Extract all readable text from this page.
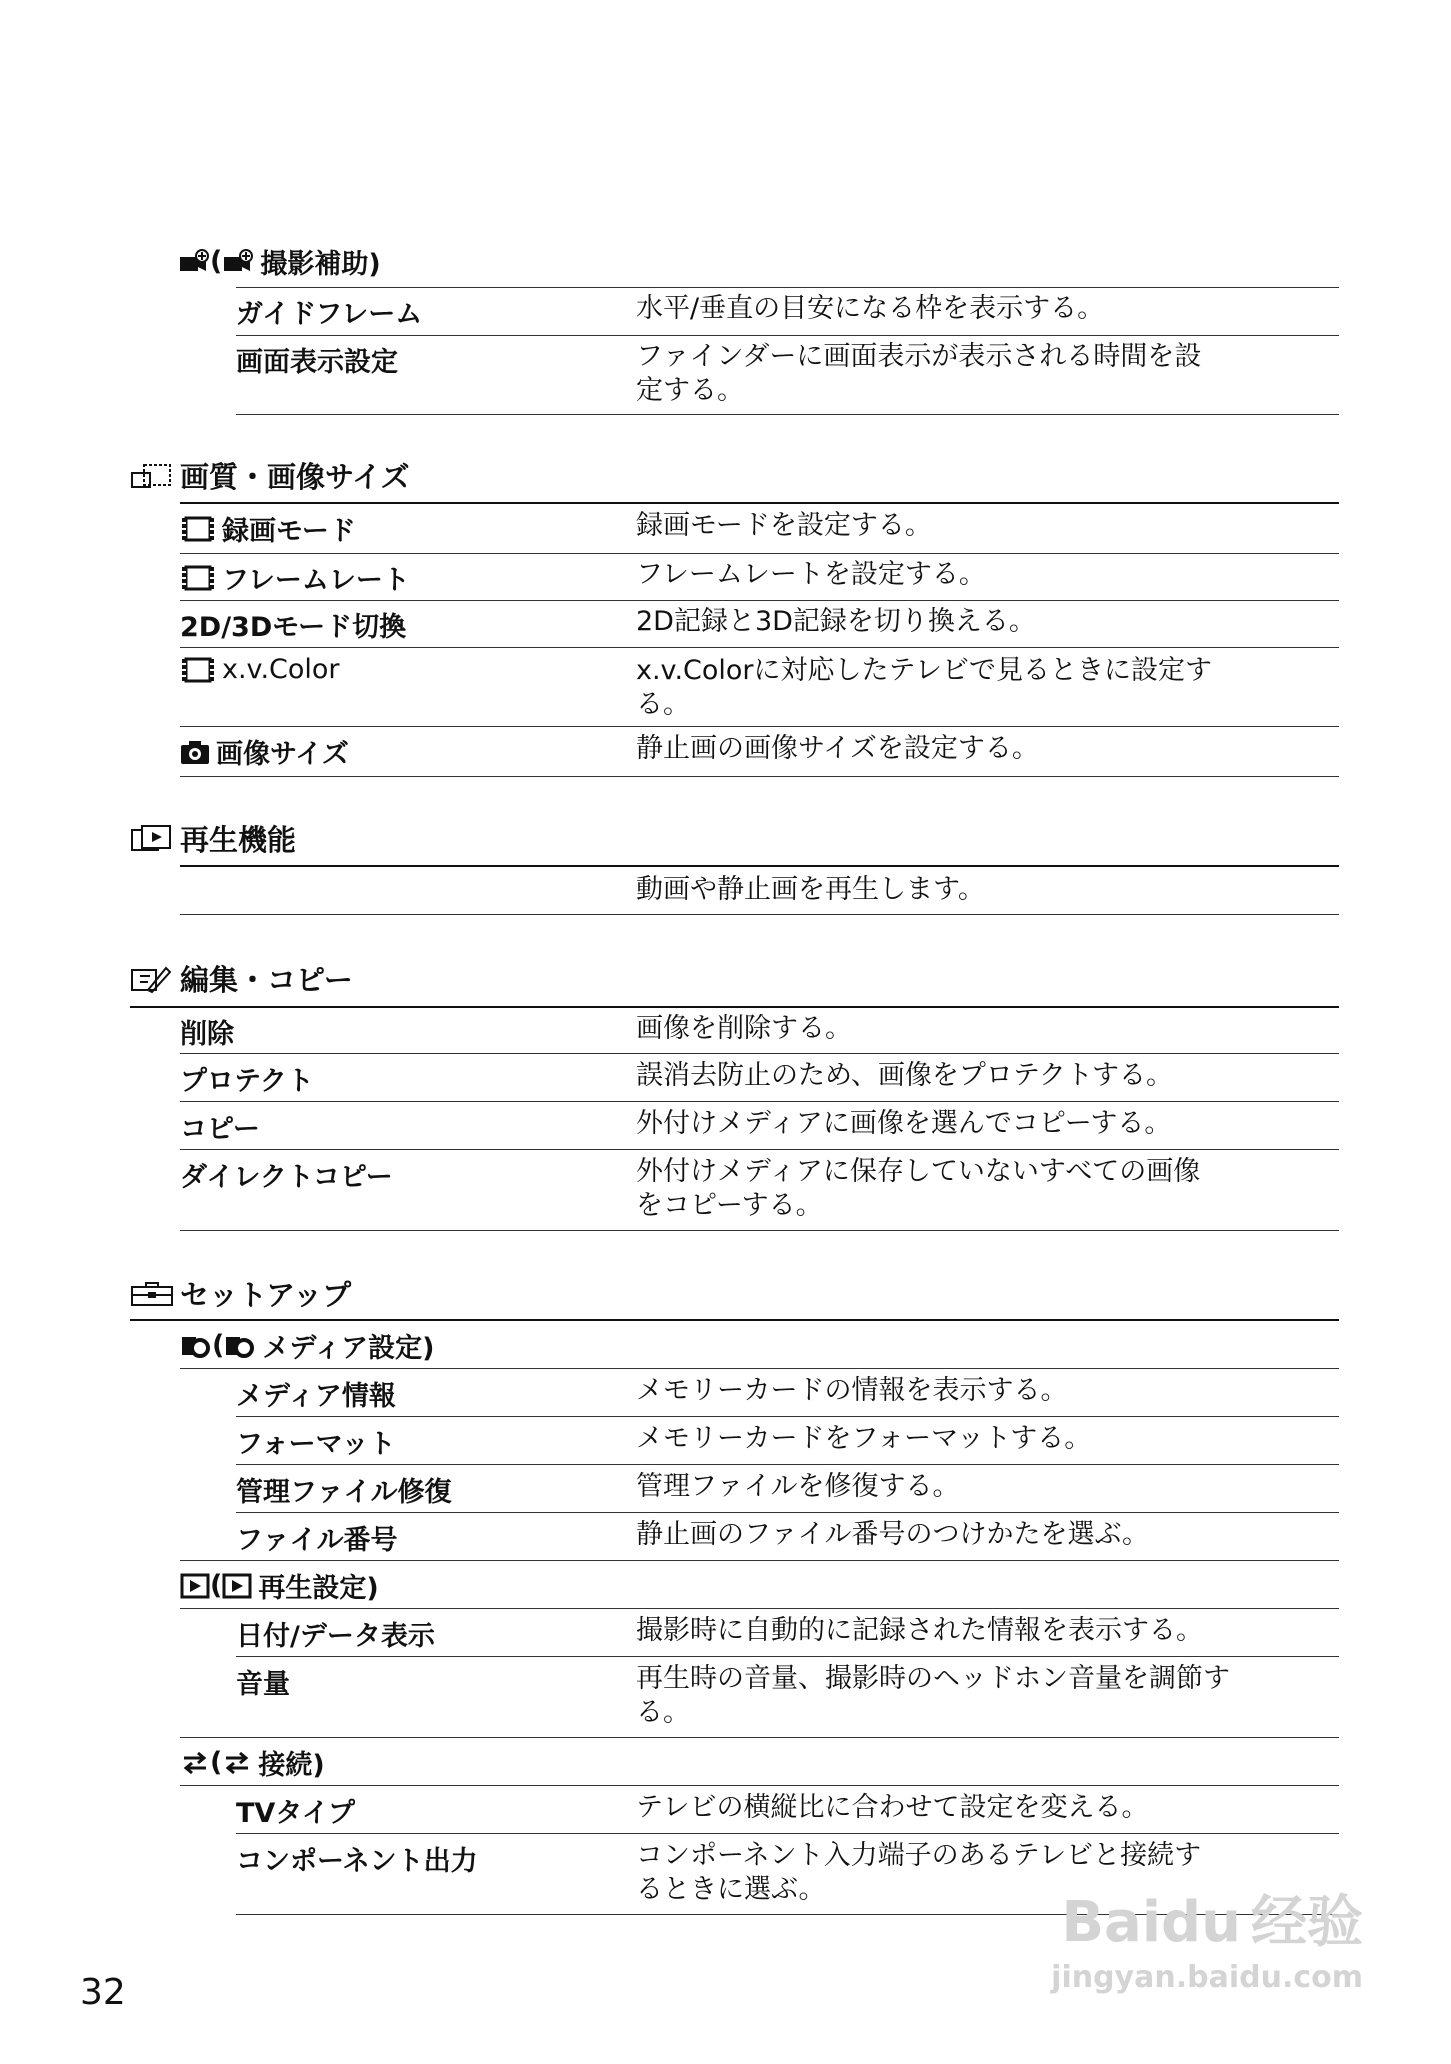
( 撮影補助)
ガイドフレーム	水平/垂直の目安になる枠を表示する。
画面表示設定	ファインダーに画面表示が表示される時間を設
定する。
画質・画像サイズ
録画モード	録画モードを設定する。
フレームレート	フレームレートを設定する。
2D/3Dモード切換	2D記録と3D記録を切り換える。
x.v.Color	x.v.Colorに対応したテレビで見るときに設定す
る。
画像サイズ	静止画の画像サイズを設定する。
再生機能
動画や静止画を再生します。
編集・コピー
削除	画像を削除する。
プロテクト	誤消去防止のため、画像をプロテクトする。
コピー	外付けメディアに画像を選んでコピーする。
ダイレクトコピー	外付けメディアに保存していないすべての画像
をコピーする。
セットアップ
( メディア設定)
メディア情報	メモリーカードの情報を表示する。
フォーマット	メモリーカードをフォーマットする。
管理ファイル修復	管理ファイルを修復する。
ファイル番号	静止画のファイル番号のつけかたを選ぶ。
( 再生設定)
日付/データ表示	撮影時に自動的に記録された情報を表示する。
音量	再生時の音量、撮影時のヘッドホン音量を調節す
る。
( 接続)
TVタイプ	テレビの横縦比に合わせて設定を変える。
コンポーネント出力	コンポーネント入力端子のあるテレビと接続す
るときに選ぶ。
32
Baidu 经验
jingyan.baidu.com
